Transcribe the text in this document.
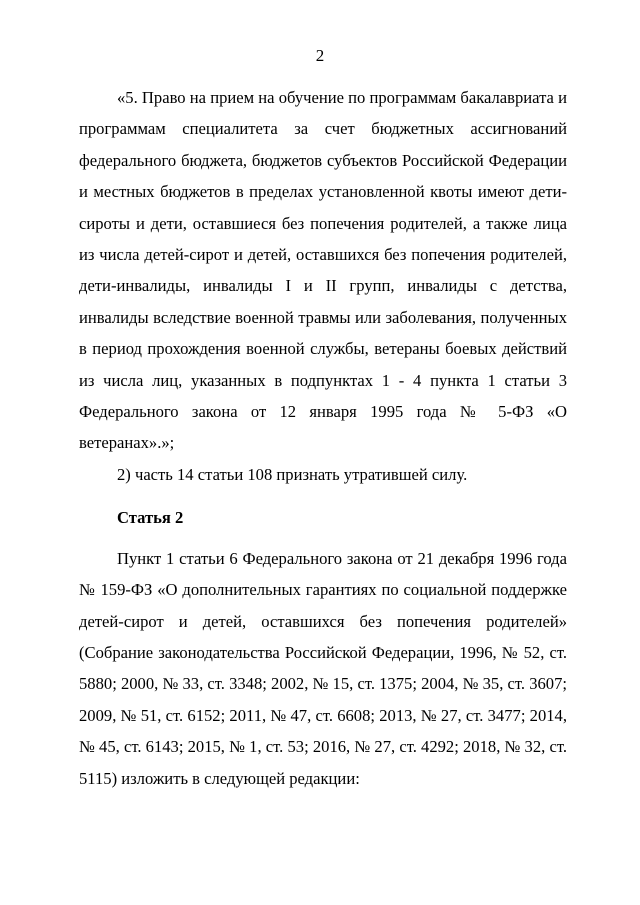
2

«5. Право на прием на обучение по программам бакалавриата и программам специалитета за счет бюджетных ассигнований федерального бюджета, бюджетов субъектов Российской Федерации и местных бюджетов в пределах установленной квоты имеют дети-сироты и дети, оставшиеся без попечения родителей, а также лица из числа детей-сирот и детей, оставшихся без попечения родителей, дети-инвалиды, инвалиды I и II групп, инвалиды с детства, инвалиды вследствие военной травмы или заболевания, полученных в период прохождения военной службы, ветераны боевых действий из числа лиц, указанных в подпунктах 1 - 4 пункта 1 статьи 3 Федерального закона от 12 января 1995 года № 5-ФЗ «О ветеранах».»;

2) часть 14 статьи 108 признать утратившей силу.

Статья 2

Пункт 1 статьи 6 Федерального закона от 21 декабря 1996 года № 159-ФЗ «О дополнительных гарантиях по социальной поддержке детей-сирот и детей, оставшихся без попечения родителей» (Собрание законодательства Российской Федерации, 1996, № 52, ст. 5880; 2000, № 33, ст. 3348; 2002, № 15, ст. 1375; 2004, № 35, ст. 3607; 2009, № 51, ст. 6152; 2011, № 47, ст. 6608; 2013, № 27, ст. 3477; 2014, № 45, ст. 6143; 2015, № 1, ст. 53; 2016, № 27, ст. 4292; 2018, № 32, ст. 5115) изложить в следующей редакции:
